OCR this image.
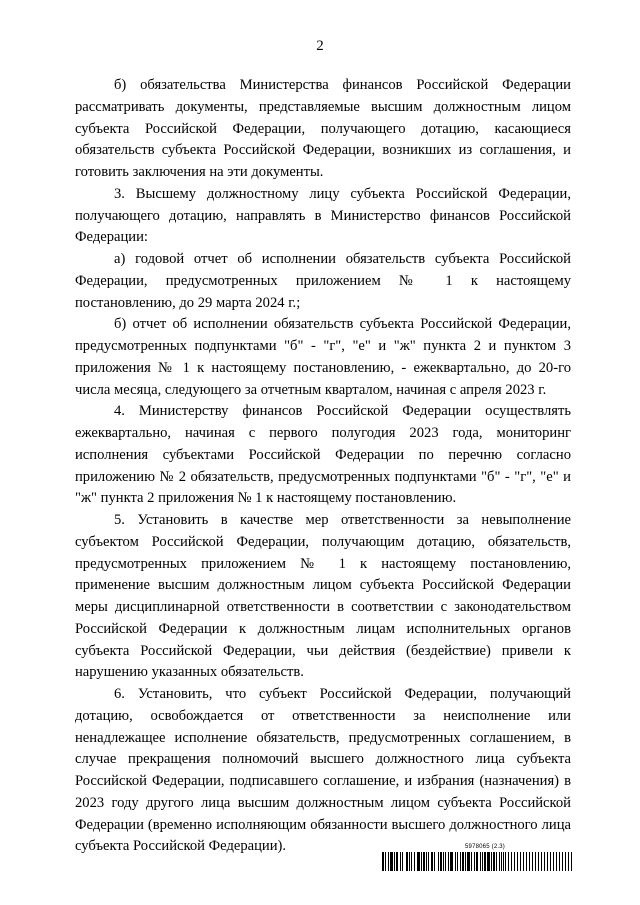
2

б) обязательства Министерства финансов Российской Федерации рассматривать документы, представляемые высшим должностным лицом субъекта Российской Федерации, получающего дотацию, касающиеся обязательств субъекта Российской Федерации, возникших из соглашения, и готовить заключения на эти документы.

3. Высшему должностному лицу субъекта Российской Федерации, получающего дотацию, направлять в Министерство финансов Российской Федерации:

а) годовой отчет об исполнении обязательств субъекта Российской Федерации, предусмотренных приложением № 1 к настоящему постановлению, до 29 марта 2024 г.;

б) отчет об исполнении обязательств субъекта Российской Федерации, предусмотренных подпунктами "б" - "г", "е" и "ж" пункта 2 и пунктом 3 приложения № 1 к настоящему постановлению, - ежеквартально, до 20-го числа месяца, следующего за отчетным кварталом, начиная с апреля 2023 г.

4. Министерству финансов Российской Федерации осуществлять ежеквартально, начиная с первого полугодия 2023 года, мониторинг исполнения субъектами Российской Федерации по перечню согласно приложению № 2 обязательств, предусмотренных подпунктами "б" - "г", "е" и "ж" пункта 2 приложения № 1 к настоящему постановлению.

5. Установить в качестве мер ответственности за невыполнение субъектом Российской Федерации, получающим дотацию, обязательств, предусмотренных приложением № 1 к настоящему постановлению, применение высшим должностным лицом субъекта Российской Федерации меры дисциплинарной ответственности в соответствии с законодательством Российской Федерации к должностным лицам исполнительных органов субъекта Российской Федерации, чьи действия (бездействие) привели к нарушению указанных обязательств.

6. Установить, что субъект Российской Федерации, получающий дотацию, освобождается от ответственности за неисполнение или ненадлежащее исполнение обязательств, предусмотренных соглашением, в случае прекращения полномочий высшего должностного лица субъекта Российской Федерации, подписавшего соглашение, и избрания (назначения) в 2023 году другого лица высшим должностным лицом субъекта Российской Федерации (временно исполняющим обязанности высшего должностного лица субъекта Российской Федерации).	5978065 (2.3)
